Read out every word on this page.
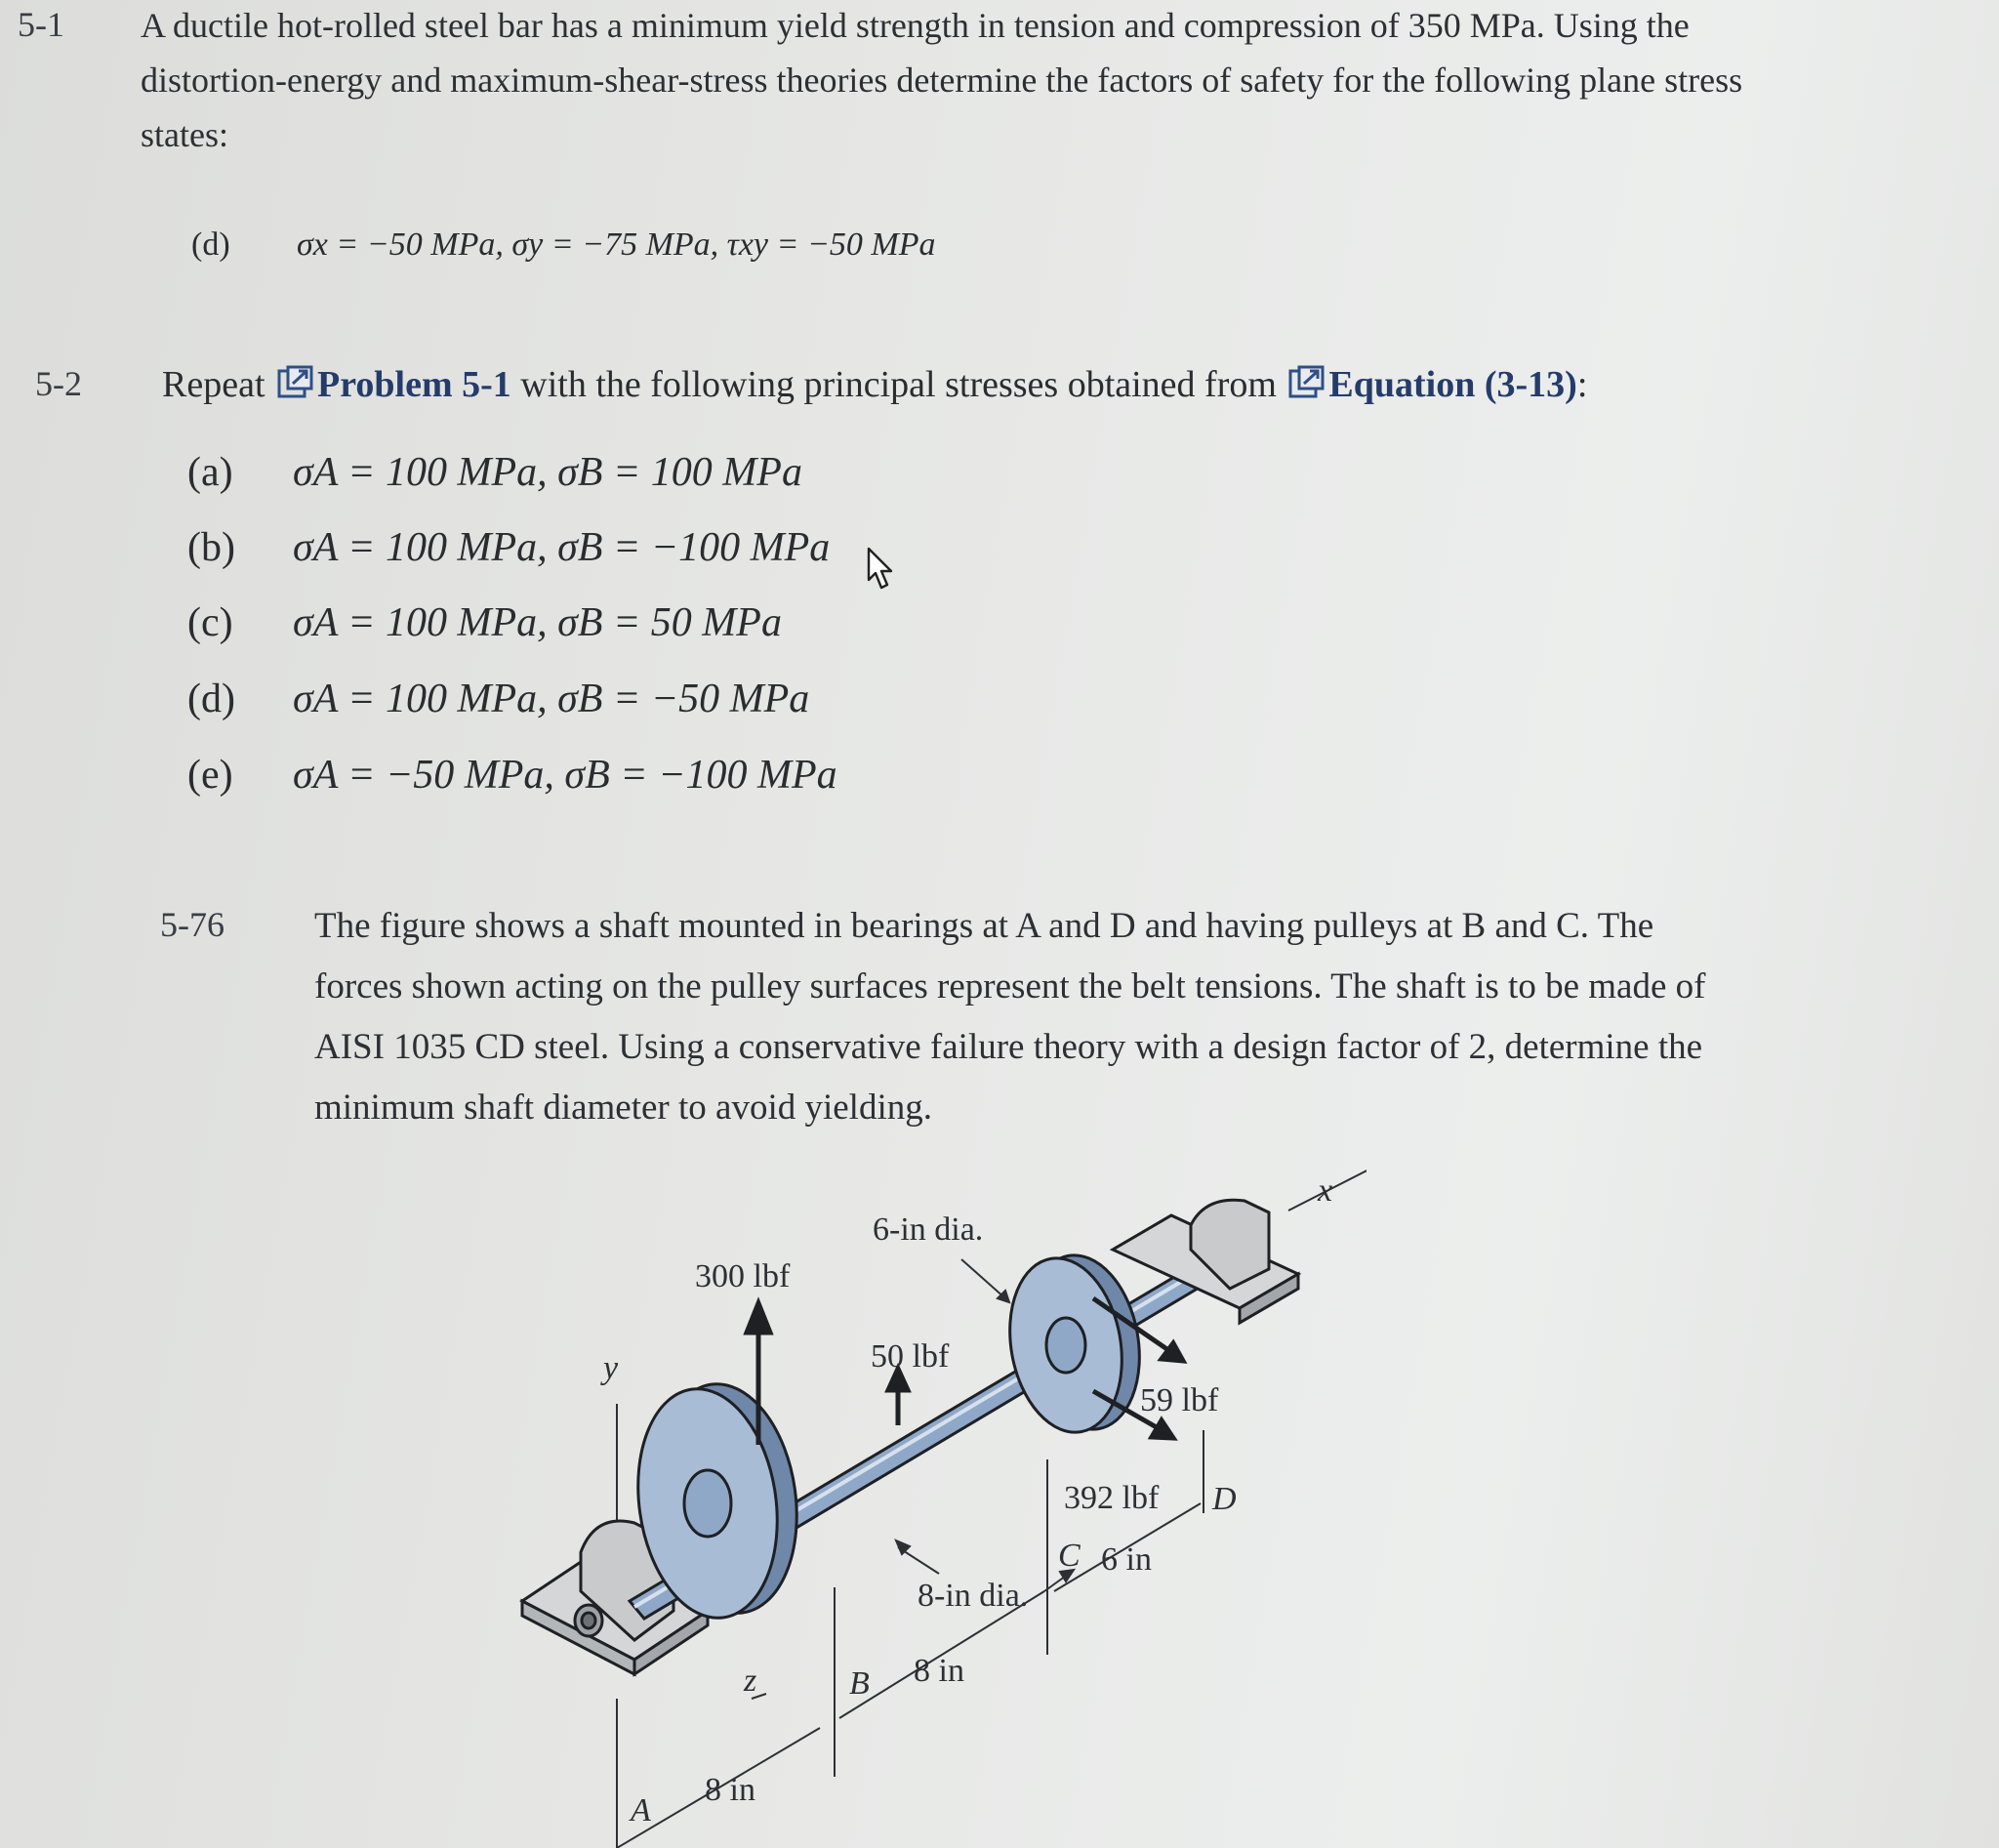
5-1 A ductile hot-rolled steel bar has a minimum yield strength in tension and compression of 350 MPa. Using the distortion-energy and maximum-shear-stress theories determine the factors of safety for the following plane stress states:
(d) σx = −50 MPa, σy = −75 MPa, τxy = −50 MPa
5-2 Repeat Problem 5-1 with the following principal stresses obtained from Equation (3-13):
(a) σA = 100 MPa, σB = 100 MPa
(b) σA = 100 MPa, σB = −100 MPa
(c) σA = 100 MPa, σB = 50 MPa
(d) σA = 100 MPa, σB = −50 MPa
(e) σA = −50 MPa, σB = −100 MPa
5-76 The figure shows a shaft mounted in bearings at A and D and having pulleys at B and C. The forces shown acting on the pulley surfaces represent the belt tensions. The shaft is to be made of AISI 1035 CD steel. Using a conservative failure theory with a design factor of 2, determine the minimum shaft diameter to avoid yielding.
300 lbf
50 lbf
6-in dia.
59 lbf
392 lbf
8-in dia.
C 6 in
D
8 in
B
8 in
A
y
z
x
